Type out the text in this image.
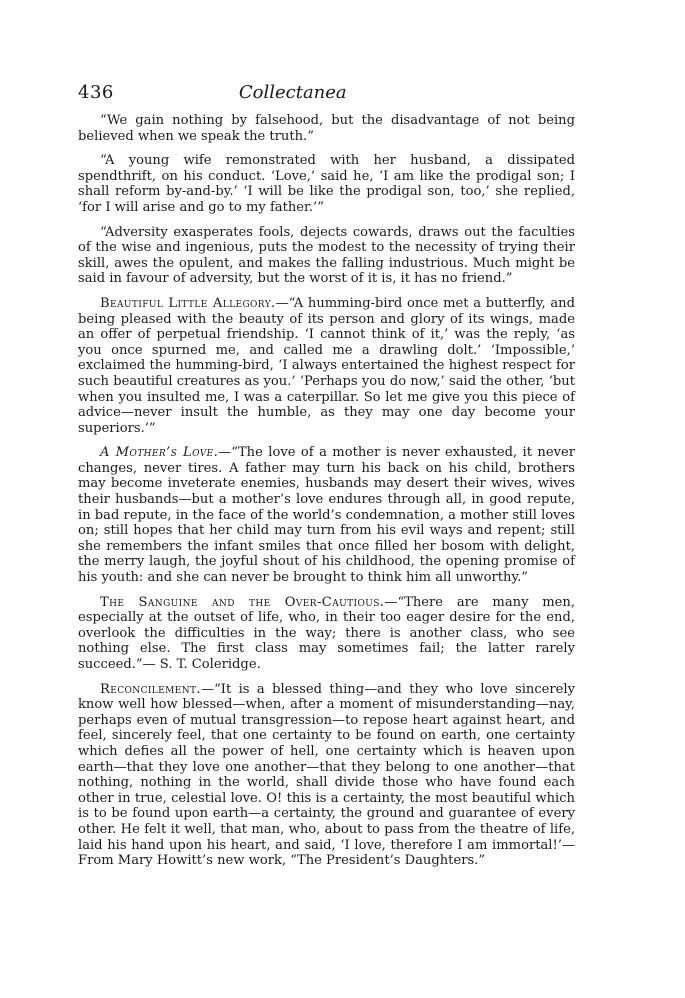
436	Collectanea

“We gain nothing by falsehood, but the disadvantage of not being believed when we speak the truth.”

“A young wife remonstrated with her husband, a dissipated spendthrift, on his conduct. ‘Love,’ said he, ‘I am like the prodigal son; I shall reform by-and-by.’ ‘I will be like the prodigal son, too,’ she replied, ‘for I will arise and go to my father.’”

“Adversity exasperates fools, dejects cowards, draws out the faculties of the wise and ingenious, puts the modest to the necessity of trying their skill, awes the opulent, and makes the falling industrious. Much might be said in favour of adversity, but the worst of it is, it has no friend.”

Beautiful Little Allegory.—“A humming-bird once met a butterfly, and being pleased with the beauty of its person and glory of its wings, made an offer of perpetual friendship. ‘I cannot think of it,’ was the reply, ‘as you once spurned me, and called me a drawling dolt.’ ‘Impossible,’ exclaimed the humming-bird, ‘I always entertained the highest respect for such beautiful creatures as you.’ ‘Perhaps you do now,’ said the other, ‘but when you insulted me, I was a caterpillar. So let me give you this piece of advice—never insult the humble, as they may one day become your superiors.’”

A Mother’s Love.—“The love of a mother is never exhausted, it never changes, never tires. A father may turn his back on his child, brothers may become inveterate enemies, husbands may desert their wives, wives their husbands—but a mother’s love endures through all, in good repute, in bad repute, in the face of the world’s condemnation, a mother still loves on; still hopes that her child may turn from his evil ways and repent; still she remembers the infant smiles that once filled her bosom with delight, the merry laugh, the joyful shout of his childhood, the opening promise of his youth: and she can never be brought to think him all unworthy.”

The Sanguine and the Over-Cautious.—“There are many men, especially at the outset of life, who, in their too eager desire for the end, overlook the difficulties in the way; there is another class, who see nothing else. The first class may sometimes fail; the latter rarely succeed.”— S. T. Coleridge.

Reconcilement.—“It is a blessed thing—and they who love sincerely know well how blessed—when, after a moment of misunderstanding—nay, perhaps even of mutual transgression—to repose heart against heart, and feel, sincerely feel, that one certainty to be found on earth, one certainty which defies all the power of hell, one certainty which is heaven upon earth—that they love one another—that they belong to one another—that nothing, nothing in the world, shall divide those who have found each other in true, celestial love. O! this is a certainty, the most beautiful which is to be found upon earth—a certainty, the ground and guarantee of every other. He felt it well, that man, who, about to pass from the theatre of life, laid his hand upon his heart, and said, ‘I love, therefore I am immortal!’—From Mary Howitt’s new work, “The President’s Daughters.”
